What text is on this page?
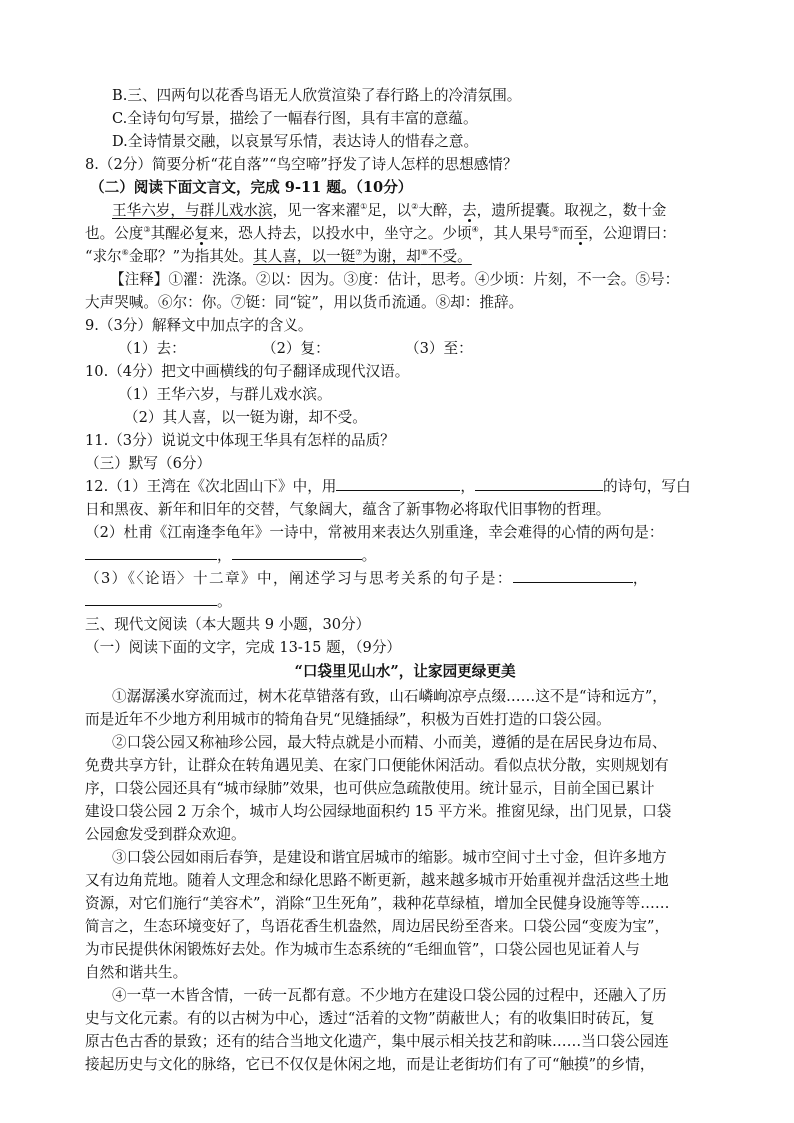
B.三、四两句以花香鸟语无人欣赏渲染了春行路上的冷清氛围。
C.全诗句句写景，描绘了一幅春行图，具有丰富的意蕴。
D.全诗情景交融，以哀景写乐情，表达诗人的惜春之意。
8.（2分）简要分析“花自落”“鸟空啼”抒发了诗人怎样的思想感情？
（二）阅读下面文言文，完成 9-11 题。（10分）
王华六岁，与群儿戏水滨，见一客来濯①足，以②大醉，去，遗所提囊。取视之，数十金
也。公度③其醒必复来，恐人持去，以投水中，坐守之。少顷④，其人果号⑤而至，公迎谓曰：
“求尔⑥金耶？”为指其处。其人喜，以一铤⑦为谢，却⑧不受。
【注释】①濯：洗涤。②以：因为。③度：估计，思考。④少顷：片刻，不一会。⑤号：
大声哭喊。⑥尔：你。⑦铤：同“锭”，用以货币流通。⑧却：推辞。
9.（3分）解释文中加点字的含义。
（1）去：	（2）复：	（3）至：
10.（4分）把文中画横线的句子翻译成现代汉语。
（1）王华六岁，与群儿戏水滨。
（2）其人喜，以一铤为谢，却不受。
11.（3分）说说文中体现王华具有怎样的品质？
（三）默写（6分）
12.（1）王湾在《次北固山下》中，用	，	的诗句，写白
日和黑夜、新年和旧年的交替，气象阔大，蕴含了新事物必将取代旧事物的哲理。
（2）杜甫《江南逢李龟年》一诗中，常被用来表达久别重逢，幸会难得的心情的两句是：
，	。
（3）《〈论语〉十二章》中，阐述学习与思考关系的句子是：	，
。
三、现代文阅读（本大题共 9 小题，30分）
（一）阅读下面的文字，完成 13-15 题，（9分）
“口袋里见山水”，让家园更绿更美
①潺潺溪水穿流而过，树木花草错落有致，山石嶙峋凉亭点缀……这不是“诗和远方”，
而是近年不少地方利用城市的犄角旮旯“见缝插绿”，积极为百姓打造的口袋公园。
②口袋公园又称袖珍公园，最大特点就是小而精、小而美，遵循的是在居民身边布局、
免费共享方针，让群众在转角遇见美、在家门口便能休闲活动。看似点状分散，实则规划有
序，口袋公园还具有“城市绿肺”效果，也可供应急疏散使用。统计显示，目前全国已累计
建设口袋公园 2 万余个，城市人均公园绿地面积约 15 平方米。推窗见绿，出门见景，口袋
公园愈发受到群众欢迎。
③口袋公园如雨后春笋，是建设和谐宜居城市的缩影。城市空间寸土寸金，但许多地方
又有边角荒地。随着人文理念和绿化思路不断更新，越来越多城市开始重视并盘活这些土地
资源，对它们施行“美容术”，消除“卫生死角”，栽种花草绿植，增加全民健身设施等等……
简言之，生态环境变好了，鸟语花香生机盎然，周边居民纷至沓来。口袋公园“变废为宝”，
为市民提供休闲锻炼好去处。作为城市生态系统的“毛细血管”，口袋公园也见证着人与
自然和谐共生。
④一草一木皆含情，一砖一瓦都有意。不少地方在建设口袋公园的过程中，还融入了历
史与文化元素。有的以古树为中心，透过“活着的文物”荫蔽世人；有的收集旧时砖瓦，复
原古色古香的景致；还有的结合当地文化遗产，集中展示相关技艺和韵味……当口袋公园连
接起历史与文化的脉络，它已不仅仅是休闲之地，而是让老街坊们有了可“触摸”的乡情，
